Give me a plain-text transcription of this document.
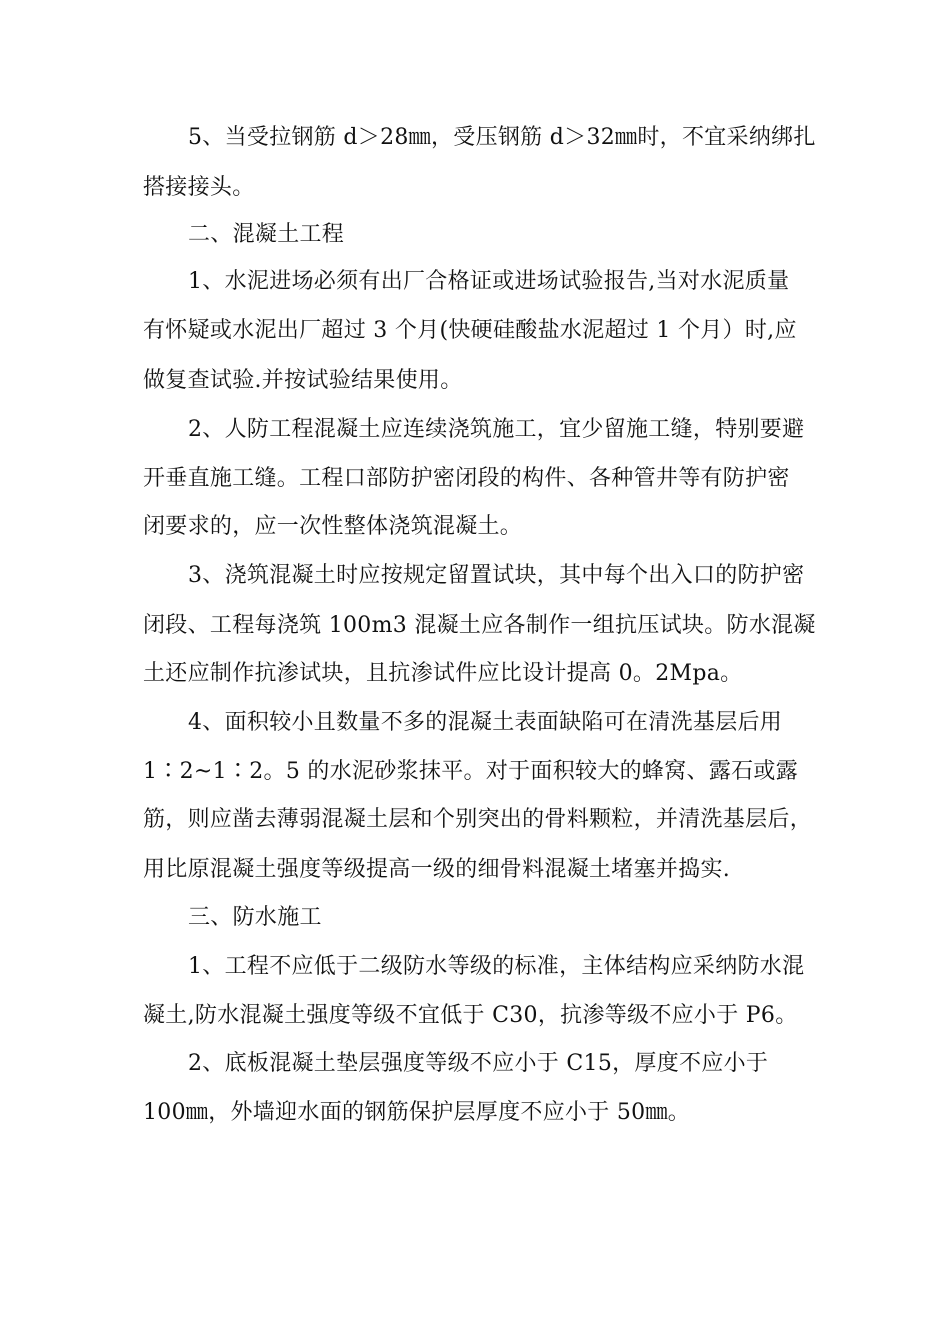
5、当受拉钢筋 d＞28㎜，受压钢筋 d＞32㎜时，不宜采纳绑扎
搭接接头。
二、混凝土工程
1、水泥进场必须有出厂合格证或进场试验报告,当对水泥质量
有怀疑或水泥出厂超过 3 个月(快硬硅酸盐水泥超过 1 个月）时,应
做复查试验.并按试验结果使用。
2、人防工程混凝土应连续浇筑施工，宜少留施工缝，特别要避
开垂直施工缝。工程口部防护密闭段的构件、各种管井等有防护密
闭要求的，应一次性整体浇筑混凝土。
3、浇筑混凝土时应按规定留置试块，其中每个出入口的防护密
闭段、工程每浇筑 100m3 混凝土应各制作一组抗压试块。防水混凝
土还应制作抗渗试块，且抗渗试件应比设计提高 0。2Mpa。
4、面积较小且数量不多的混凝土表面缺陷可在清洗基层后用
1∶2~1∶2。5 的水泥砂浆抹平。对于面积较大的蜂窝、露石或露
筋，则应凿去薄弱混凝土层和个别突出的骨料颗粒，并清洗基层后，
用比原混凝土强度等级提高一级的细骨料混凝土堵塞并捣实.
三、防水施工
1、工程不应低于二级防水等级的标准，主体结构应采纳防水混
凝土,防水混凝土强度等级不宜低于 C30，抗渗等级不应小于 P6。
2、底板混凝土垫层强度等级不应小于 C15，厚度不应小于
100㎜，外墙迎水面的钢筋保护层厚度不应小于 50㎜。
